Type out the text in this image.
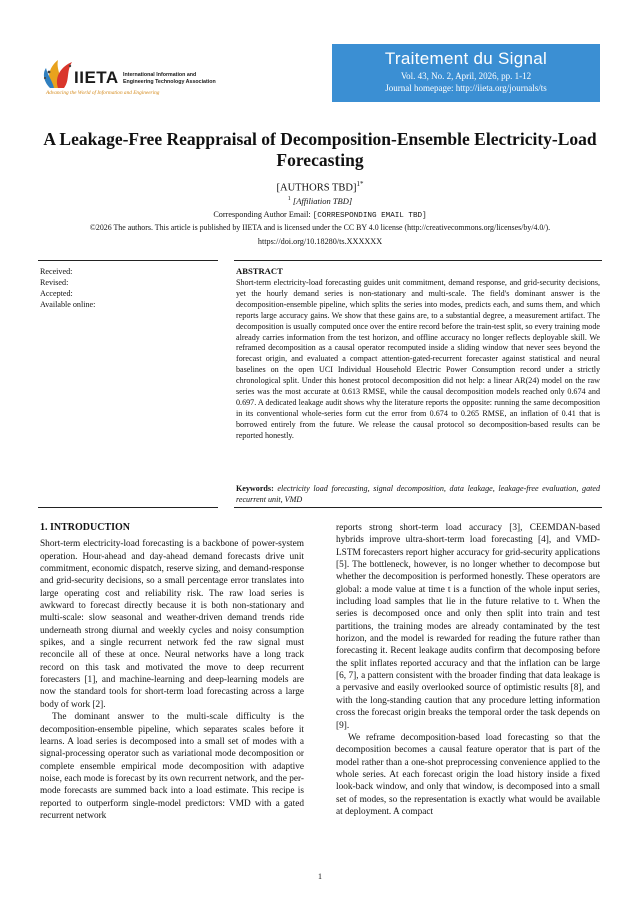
IIETA International Information and
Engineering Technology Association
Advancing the World of Information and Engineering
Traitement du Signal
Vol. 43, No. 2, April, 2026, pp. 1-12
Journal homepage: http://iieta.org/journals/ts
A Leakage-Free Reappraisal of Decomposition-Ensemble Electricity-Load Forecasting
[AUTHORS TBD]$^{1*}$
$^1$ [Affiliation TBD]
Corresponding Author Email: [CORRESPONDING EMAIL TBD]
©2026 The authors. This article is published by IIETA and is licensed under the CC BY 4.0 license (http://creativecommons.org/licenses/by/4.0/).
https://doi.org/10.18280/ts.XXXXXX
Received:
Revised:
Accepted:
Available online:
ABSTRACT
Short-term electricity-load forecasting guides unit commitment, demand response, and grid-security decisions, yet the hourly demand series is non-stationary and multi-scale. The field's dominant answer is the decomposition-ensemble pipeline, which splits the series into modes, predicts each, and sums them, and which reports large accuracy gains. We show that these gains are, to a substantial degree, a measurement artifact. The decomposition is usually computed once over the entire record before the train-test split, so every training mode already carries information from the test horizon, and offline accuracy no longer reflects deployable skill. We reframed decomposition as a causal operator recomputed inside a sliding window that never sees beyond the forecast origin, and evaluated a compact attention-gated-recurrent forecaster against statistical and neural baselines on the open UCI Individual Household Electric Power Consumption record under a strictly chronological split. Under this honest protocol decomposition did not help: a linear AR(24) model on the raw series was the most accurate at 0.613 RMSE, while the causal decomposition models reached only 0.674 and 0.697. A dedicated leakage audit shows why the literature reports the opposite: running the same decomposition in its conventional whole-series form cut the error from 0.674 to 0.265 RMSE, an inflation of 0.41 that is borrowed entirely from the future. We release the causal protocol so decomposition-based results can be reported honestly.
Keywords: electricity load forecasting, signal decomposition, data leakage, leakage-free evaluation, gated recurrent unit, VMD
1. INTRODUCTION

Short-term electricity-load forecasting is a backbone of power-system operation. Hour-ahead and day-ahead demand forecasts drive unit commitment, economic dispatch, reserve sizing, and demand-response and grid-security decisions, so a small percentage error translates into large operating cost and reliability risk. The raw load series is awkward to forecast directly because it is both non-stationary and multi-scale: slow seasonal and weather-driven demand trends ride underneath strong diurnal and weekly cycles and noisy consumption spikes, and a single recurrent network fed the raw signal must reconcile all of these at once. Neural networks have a long track record on this task and motivated the move to deep recurrent forecasters [1], and machine-learning and deep-learning models are now the standard tools for short-term load forecasting across a large body of work [2].

The dominant answer to the multi-scale difficulty is the decomposition-ensemble pipeline, which separates scales before it learns. A load series is decomposed into a small set of modes with a signal-processing operator such as variational mode decomposition or complete ensemble empirical mode decomposition with adaptive noise, each mode is forecast by its own recurrent network, and the per-mode forecasts are summed back into a load estimate. This recipe is reported to outperform single-model predictors: VMD with a gated recurrent network

reports strong short-term load accuracy [3], CEEMDAN-based hybrids improve ultra-short-term load forecasting [4], and VMD-LSTM forecasters report higher accuracy for grid-security applications [5]. The bottleneck, however, is no longer whether to decompose but whether the decomposition is performed honestly. These operators are global: a mode value at time t is a function of the whole input series, including load samples that lie in the future relative to t. When the series is decomposed once and only then split into train and test partitions, the training modes are already contaminated by the test horizon, and the model is rewarded for reading the future rather than forecasting it. Recent leakage audits confirm that decomposing before the split inflates reported accuracy and that the inflation can be large [6, 7], a pattern consistent with the broader finding that data leakage is a pervasive and easily overlooked source of optimistic results [8], and with the long-standing caution that any procedure letting information cross the forecast origin breaks the temporal order the task depends on [9].

We reframe decomposition-based load forecasting so that the decomposition becomes a causal feature operator that is part of the model rather than a one-shot preprocessing convenience applied to the whole series. At each forecast origin the load history inside a fixed look-back window, and only that window, is decomposed into a small set of modes, so the representation is exactly what would be available at deployment. A compact

1
